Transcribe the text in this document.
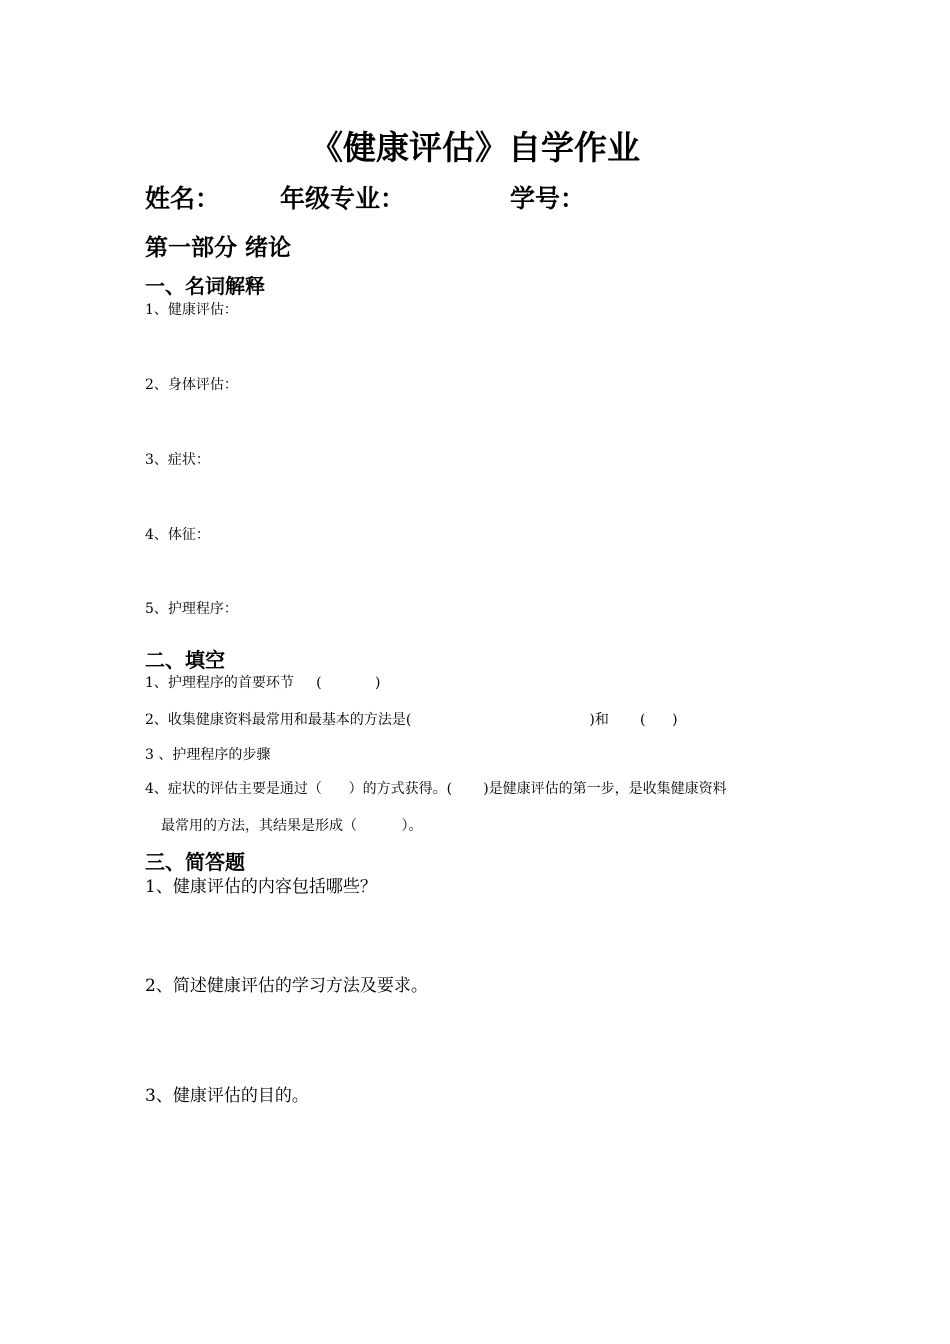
《健康评估》自学作业
姓名： 年级专业：	学号：
第一部分 绪论
一、名词解释
1、健康评估：
2、身体评估：
3、症状：
4、体征：
5、护理程序：
二、填空
1、护理程序的首要环节     (            )
2、收集健康资料最常用和最基本的方法是(                                        )和       (      )
3 、护理程序的步骤
4、症状的评估主要是通过（      ）的方式获得。(       )是健康评估的第一步，是收集健康资料
最常用的方法，其结果是形成（          ）。
三、简答题
1、健康评估的内容包括哪些？
2、简述健康评估的学习方法及要求。
3、健康评估的目的。
